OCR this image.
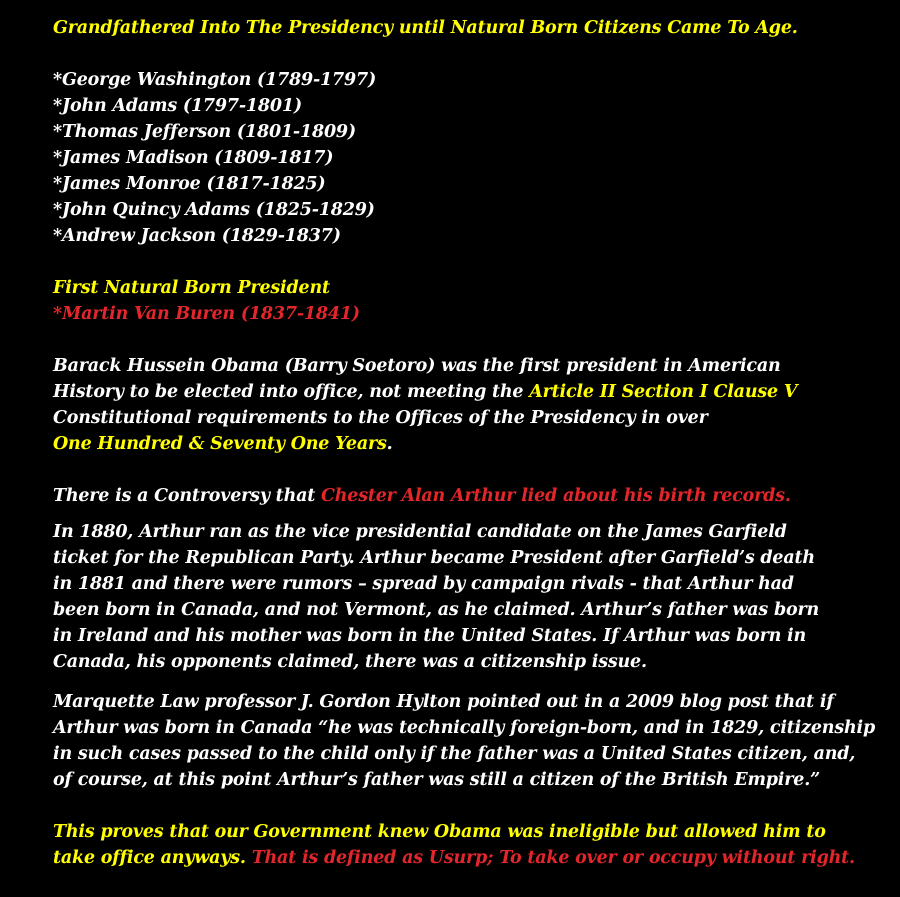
Grandfathered Into The Presidency until Natural Born Citizens Came To Age.
*George Washington (1789-1797)
*John Adams (1797-1801)
*Thomas Jefferson (1801-1809)
*James Madison (1809-1817)
*James Monroe (1817-1825)
*John Quincy Adams (1825-1829)
*Andrew Jackson (1829-1837)
First Natural Born President
*Martin Van Buren (1837-1841)
Barack Hussein Obama (Barry Soetoro) was the first president in American
History to be elected into office, not meeting the Article II Section I Clause V
Constitutional requirements to the Offices of the Presidency in over
One Hundred & Seventy One Years.
There is a Controversy that Chester Alan Arthur lied about his birth records.
In 1880, Arthur ran as the vice presidential candidate on the James Garfield
ticket for the Republican Party. Arthur became President after Garfield’s death
in 1881 and there were rumors – spread by campaign rivals - that Arthur had
been born in Canada, and not Vermont, as he claimed. Arthur’s father was born
in Ireland and his mother was born in the United States. If Arthur was born in
Canada, his opponents claimed, there was a citizenship issue.
Marquette Law professor J. Gordon Hylton pointed out in a 2009 blog post that if
Arthur was born in Canada “he was technically foreign-born, and in 1829, citizenship
in such cases passed to the child only if the father was a United States citizen, and,
of course, at this point Arthur’s father was still a citizen of the British Empire.”
This proves that our Government knew Obama was ineligible but allowed him to
take office anyways. That is defined as Usurp; To take over or occupy without right.
